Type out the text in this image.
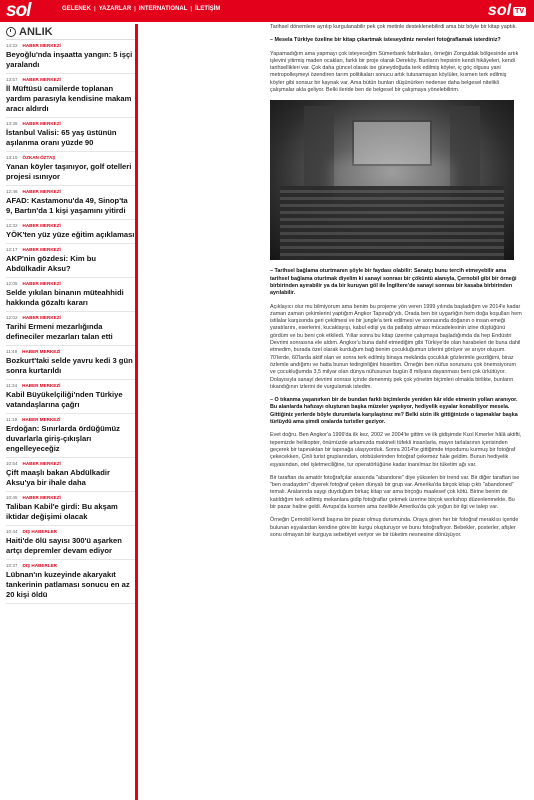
sol	GELENEK | YAZARLAR | INTERNATIONAL | İLETİŞİM	sol TV
ANLIK
14:22 HABER MERKEZİ
Beyoğlu'nda inşaatta yangın: 5 işçi yaralandı
13:57 HABER MERKEZİ
İl Müftüsü camilerde toplanan yardım parasıyla kendisine makam aracı aldırdı
13:36 HABER MERKEZİ
İstanbul Valisi: 65 yaş üstünün aşılanma oranı yüzde 90
13:15 ÖZKAN ÖZTAŞ
Yanan köyler taşınıyor, golf otelleri projesi ısınıyor
12:46 HABER MERKEZİ
AFAD: Kastamonu'da 49, Sinop'ta 9, Bartın'da 1 kişi yaşamını yitirdi
12:32 HABER MERKEZİ
YÖK'ten yüz yüze eğitim açıklaması
12:17 HABER MERKEZİ
AKP'nin gözdesi: Kim bu Abdülkadir Aksu?
12:05 HABER MERKEZİ
Selde yıkılan binanın müteahhidi hakkında gözaltı kararı
12:02 HABER MERKEZİ
Tarihi Ermeni mezarlığında defineciler mezarları talan etti
11:49 HABER MERKEZİ
Bozkurt'taki selde yavru kedi 3 gün sonra kurtarıldı
11:34 HABER MERKEZİ
Kabil Büyükelçiliği'nden Türkiye vatandaşlarına çağrı
11:19 HABER MERKEZİ
Erdoğan: Sınırlarda ördüğümüz duvarlarla giriş-çıkışları engelleyeceğiz
10:54 HABER MERKEZİ
Çift maaşlı bakan Abdülkadir Aksu'ya bir ihale daha
10:45 HABER MERKEZİ
Taliban Kabil'e girdi: Bu akşam iktidar değişimi olacak
10:44 DIŞ HABERLER
Haiti'de ölü sayısı 300'ü aşarken artçı depremler devam ediyor
10:37 DIŞ HABERLER
Lübnan'ın kuzeyinde akaryakıt tankerinin patlaması sonucu en az 20 kişi öldü

Tarihsel dönemlere ayrılıp kurgulanabilir pek çok metinle desteklenebilirdi ama biz böyle bir kitap yaptık.

– Mesela Türkiye özeline bir kitap çıkartmak isteseydiniz nereleri fotoğraflamak isterdiniz?

Yapamadığım ama yapmayı çok isteyeceğim Sümerbank fabrikaları, örneğin Zonguldak bölgesinde artık işlevini yitirmiş maden ocakları, farklı bir proje olarak Dereköy. Bunların hepsinin kendi hikâyeleri, kendi tarihsellikleri var. Çok daha güncel olarak ise güneydoğuda terk edilmiş köyler, iç göç olgusu yani metropolleşmeyi özendiren tarım politikaları sonucu artık tutunamayan köylüler, kısmen terk edilmiş köyler gibi sonsuz bir kaynak var. Ama bütün bunları düşünürken nedense daha belgesel nitelikli çalışmalar akla geliyor. Belki ileride ben de belgesel bir çalışmaya yönelebilirim.

– Tarihsel bağlama oturtmanın şöyle bir faydası olabilir: Sanatçı bunu tercih etmeyebilir ama tarihsel bağlama oturtmak diyelim ki sanayi sonrası bir çöküntü alanıyla, Çernobil gibi bir örneği birbirinden ayırabilir ya da bir kuruyan göl ile İngiltere'de sanayi sonrası bir kasaba birbirinden ayrılabilir.

Açıklayıcı olur mu bilmiyorum ama benim bu projeme yön veren 1999 yılında başladığım ve 2014'e kadar zaman zaman çekimlerini yaptığım Angkor Tapınağı'ydı. Orada ben bir uygarlığın hem doğa koşulları hem istilalar karşısında geri çekilmesi ve bir jungle'a terk edilmesi ve sonrasında doğanın o insan emeği yaratılarını, eserlerini, kucaklayışı, kabul edişi ya da patlatıp atması mücadelesinin izine düştüğünü gördüm ve bu beni çok etkiledi. Yıllar sonra bu kitap üzerine çalışmaya başladığımda da hep Endüstri Devrimi sonrasına ele aldım. Angkor'u buna dahil etmediğim gibi Türkiye'de olan harabeleri de buna dahil etmedim, burada özel olarak kurduğum bağ benim çocukluğumun izlerini görüyor ve arıyor oluşum. 70'lerde, 60'larda aktif olan ve sonra terk edilmiş binaya mekânda çocukluk gözlerimle gezdiğimi, biraz özlemle andığımı ve hatta bunun tedirginliğini hissettim. Örneğin ben nüfus sorununu çok önemsiyorum ve çocukluğumda 3,5 milyar olan dünya nüfusunun bugün 8 milyara dayanması beni çok ürkütüyor. Dolayısıyla sanayi devrimi sonrası içinde denenmiş pek çok yönetim biçimleri olmakla birlikte, bunların tıkandığının izlerini de vurgulamak istedim.

– O tıkanma yaşanırken bir de bundan farklı biçimlerde yeniden kâr elde etmenin yolları aranıyor. Bu alanlarda hafızayı oluşturan başka müzeler yapılıyor, hediyelik eşyalar konabiliyor mesela. Gittiğiniz yerlerde böyle durumlarla karşılaştınız mı? Belki sizin ilk gittiğinizde o tapınaklar başka türlüydü ama şimdi oralarda turistler geziyor.

Evet doğru. Ben Angkor'a 1999'da ilk kez, 2002 ve 2004'te gittim ve ilk gidişimde Kızıl Kmerler hâlâ aktifti, tepemizde helikopter, önümüzde arkamızda makineli tüfekli insanlarla, mayın tarlalarının içerisinden geçerek bir tapınaktan bir tapınağa ulaşıyorduk. Sonra 2014'te gittiğimde tripodumu kurmuş bir fotoğraf çekecekken, Çinli turist gruplarından, otobüslerinden fotoğraf çekemez hale geldim. Bunun hediyelik eşyasından, otel işletmeciliğine, tur operatörlüğüne kadar inanılmaz bir tüketim ağı var.

Bir taraftan da amatör fotoğrafçılar arasında "abandone" diye yükselen bir trend var. Bir diğer taraftan ise "ben oradaydım" diyerek fotoğraf çeken dünyalı bir grup var. Amerika'da birçok kitap çıktı "abandoned" temalı. Aralarında saygı duyduğum birkaç kitap var ama birçoğu maalesef çok kötü. Birine benim de katıldığım terk edilmiş mekanlara gidip fotoğraflar çekmek üzerine birçok workshop düzenlenmekte. Bu bir pazar haline geldi. Avrupa'da kısmen ama özellikle Amerika'da çok yoğun bir ilgi ve talep var.

Örneğin Çernobil kendi başına bir pazar olmuş durumunda. Oraya giren her bir fotoğraf meraklısı içeride bulunan eşyalardan kendine göre bir kurgu oluşturuyor ve bunu fotoğraflıyor. Bebekler, posterler, afişler sonu olmayan bir kurguya sebebiyet veriyor ve bir tüketim nesnesine dönüşüyor.
